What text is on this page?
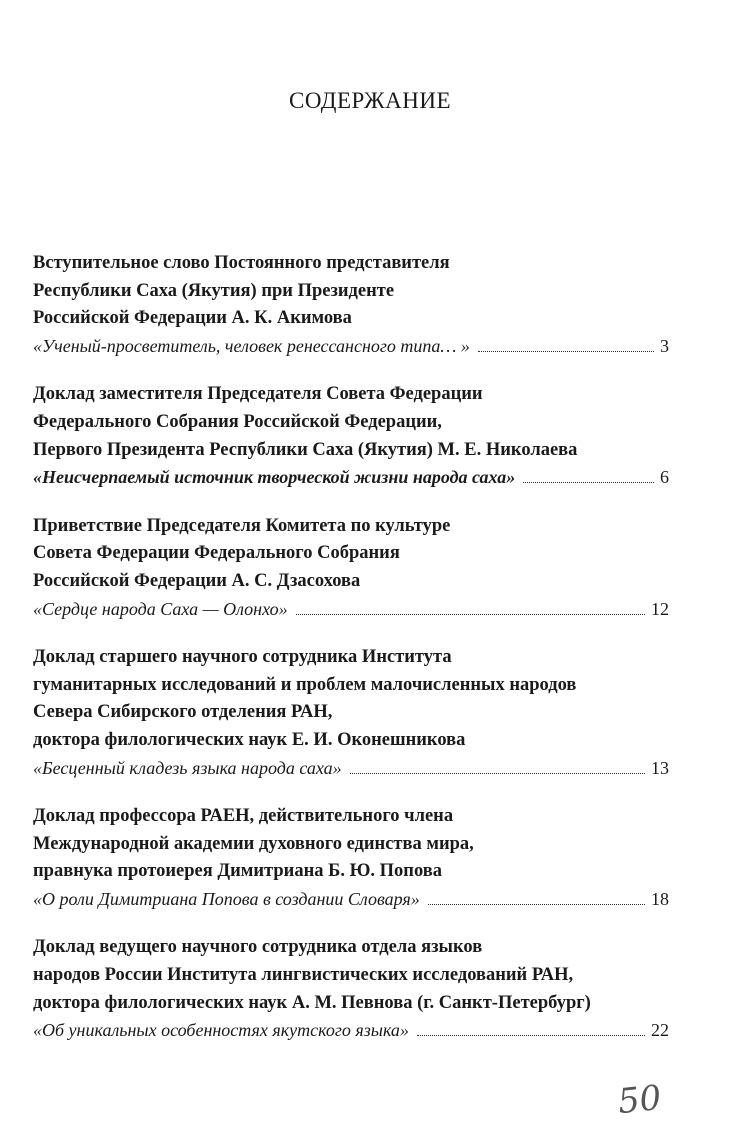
СОДЕРЖАНИЕ
Вступительное слово Постоянного представителя
Республики Саха (Якутия) при Президенте
Российской Федерации А. К. Акимова
«Ученый-просветитель, человек ренессансного типа… »	3
Доклад заместителя Председателя Совета Федерации
Федерального Собрания Российской Федерации,
Первого Президента Республики Саха (Якутия) М. Е. Николаева
«Неисчерпаемый источник творческой жизни народа саха»	6
Приветствие Председателя Комитета по культуре
Совета Федерации Федерального Собрания
Российской Федерации А. С. Дзасохова
«Сердце народа Саха — Олонхо»	12
Доклад старшего научного сотрудника Института
гуманитарных исследований и проблем малочисленных народов
Севера Сибирского отделения РАН,
доктора филологических наук Е. И. Оконешникова
«Бесценный кладезь языка народа саха»	13
Доклад профессора РАЕН, действительного члена
Международной академии духовного единства мира,
правнука протоиерея Димитриана Б. Ю. Попова
«О роли Димитриана Попова в создании Словаря»	18
Доклад ведущего научного сотрудника отдела языков
народов России Института лингвистических исследований РАН,
доктора филологических наук А. М. Певнова (г. Санкт-Петербург)
«Об уникальных особенностях якутского языка»	22
50
